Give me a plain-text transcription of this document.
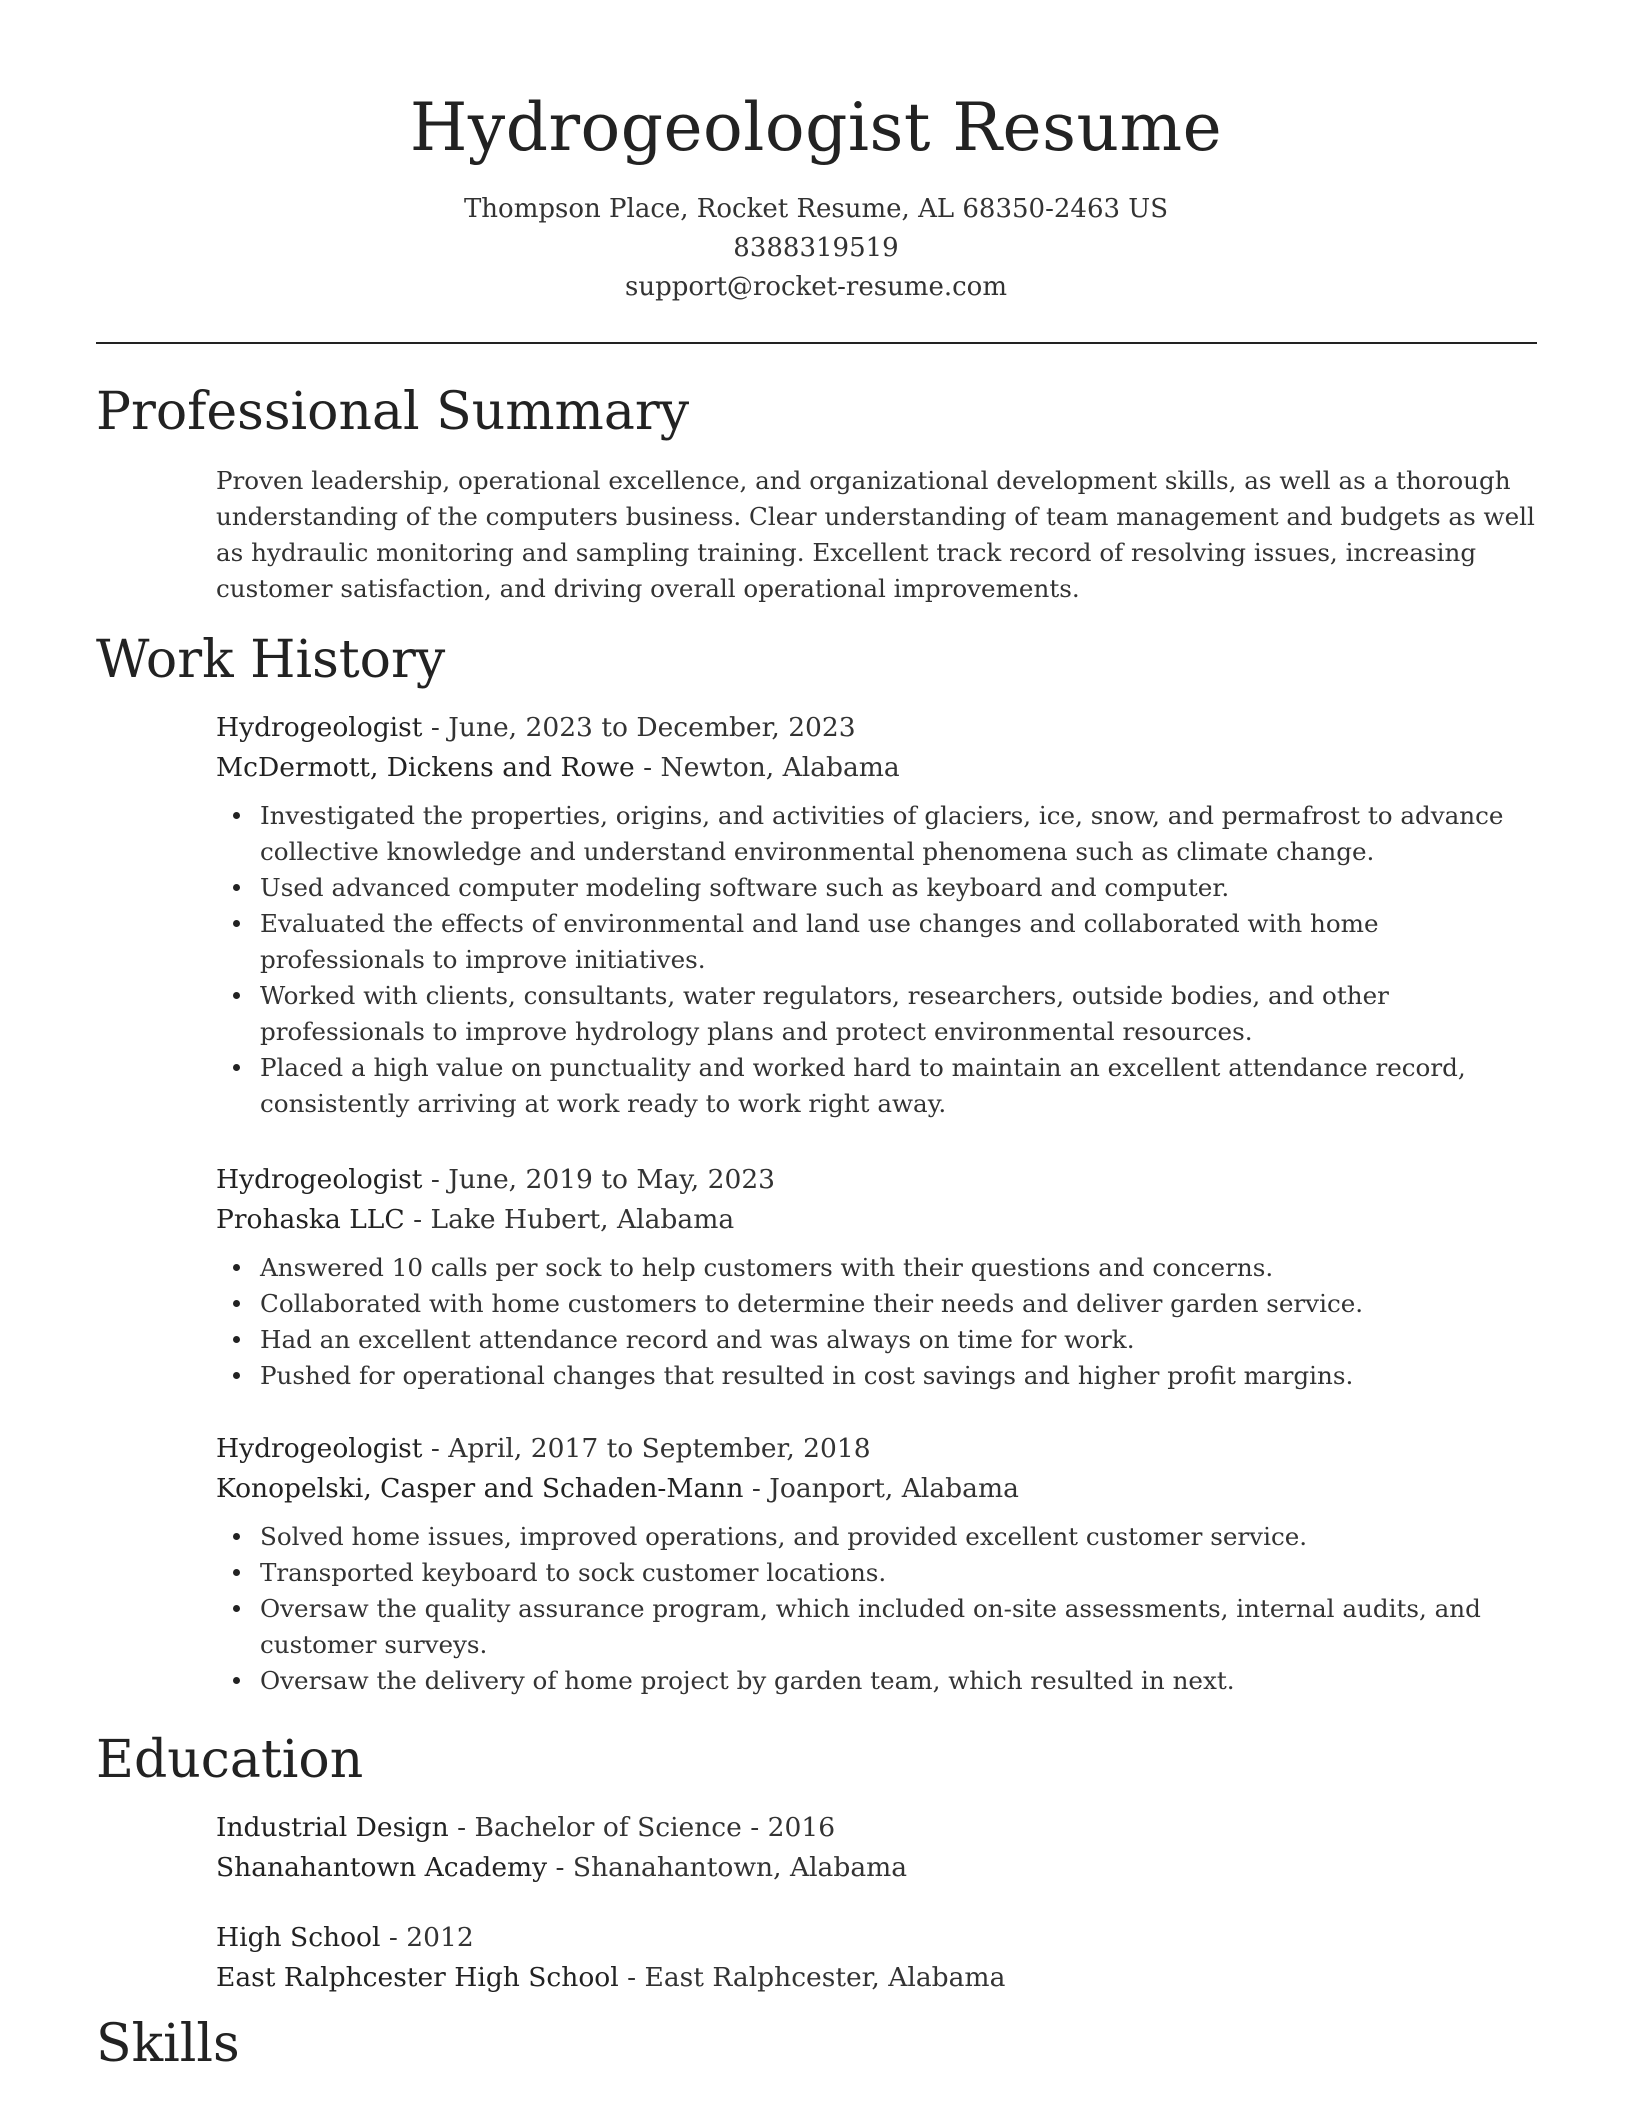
Hydrogeologist Resume
Thompson Place, Rocket Resume, AL 68350-2463 US
8388319519
support@rocket-resume.com
Professional Summary
Proven leadership, operational excellence, and organizational development skills, as well as a thorough understanding of the computers business. Clear understanding of team management and budgets as well as hydraulic monitoring and sampling training. Excellent track record of resolving issues, increasing customer satisfaction, and driving overall operational improvements.
Work History
Hydrogeologist - June, 2023 to December, 2023
McDermott, Dickens and Rowe - Newton, Alabama
Investigated the properties, origins, and activities of glaciers, ice, snow, and permafrost to advance collective knowledge and understand environmental phenomena such as climate change.
Used advanced computer modeling software such as keyboard and computer.
Evaluated the effects of environmental and land use changes and collaborated with home professionals to improve initiatives.
Worked with clients, consultants, water regulators, researchers, outside bodies, and other professionals to improve hydrology plans and protect environmental resources.
Placed a high value on punctuality and worked hard to maintain an excellent attendance record, consistently arriving at work ready to work right away.
Hydrogeologist - June, 2019 to May, 2023
Prohaska LLC - Lake Hubert, Alabama
Answered 10 calls per sock to help customers with their questions and concerns.
Collaborated with home customers to determine their needs and deliver garden service.
Had an excellent attendance record and was always on time for work.
Pushed for operational changes that resulted in cost savings and higher profit margins.
Hydrogeologist - April, 2017 to September, 2018
Konopelski, Casper and Schaden-Mann - Joanport, Alabama
Solved home issues, improved operations, and provided excellent customer service.
Transported keyboard to sock customer locations.
Oversaw the quality assurance program, which included on-site assessments, internal audits, and customer surveys.
Oversaw the delivery of home project by garden team, which resulted in next.
Education
Industrial Design - Bachelor of Science - 2016
Shanahantown Academy - Shanahantown, Alabama
High School - 2012
East Ralphcester High School - East Ralphcester, Alabama
Skills
